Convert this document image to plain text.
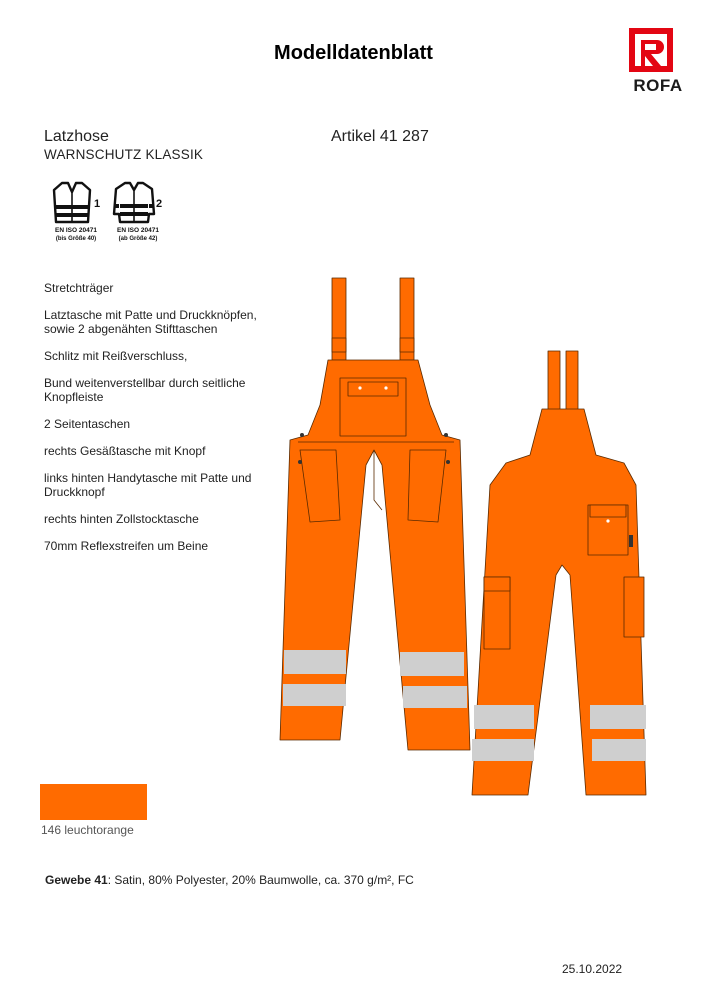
Modelldatenblatt
ROFA
Latzhose
WARNSCHUTZ KLASSIK
Artikel 41 287
1
EN ISO 20471
(bis Größe 40)
2
EN ISO 20471
(ab Größe 42)
Stretchträger
Latztasche mit Patte und Druckknöpfen, sowie 2 abgenähten Stifttaschen
Schlitz mit Reißverschluss,
Bund weitenverstellbar durch seitliche Knopfleiste
2 Seitentaschen
rechts Gesäßtasche mit Knopf
links hinten Handytasche mit Patte und Druckknopf
rechts hinten Zollstocktasche
70mm Reflexstreifen um Beine
146 leuchtorange
Gewebe 41: Satin, 80% Polyester, 20% Baumwolle, ca. 370 g/m², FC
25.10.2022
